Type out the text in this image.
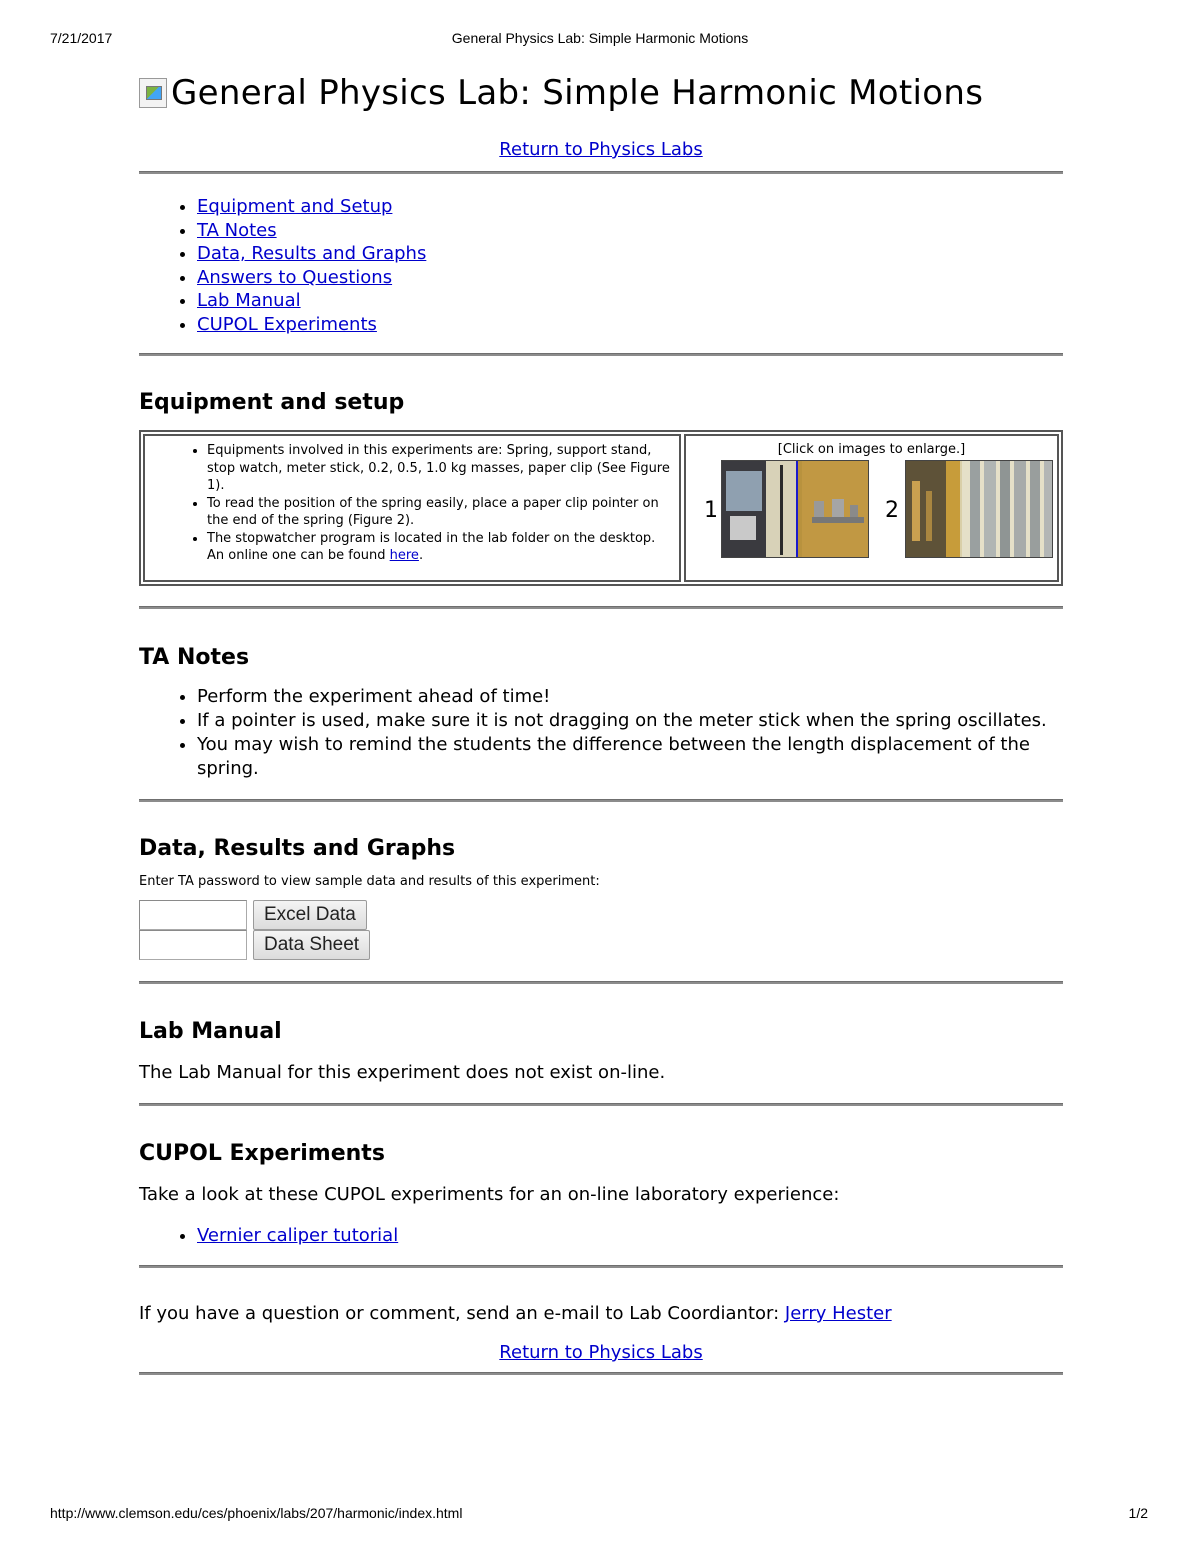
7/21/2017	General Physics Lab: Simple Harmonic Motions
General Physics Lab: Simple Harmonic Motions
Return to Physics Labs
• Equipment and Setup
• TA Notes
• Data, Results and Graphs
• Answers to Questions
• Lab Manual
• CUPOL Experiments
Equipment and setup
• Equipments involved in this experiments are: Spring, support stand, stop watch, meter stick, 0.2, 0.5, 1.0 kg masses, paper clip (See Figure 1).
• To read the position of the spring easily, place a paper clip pointer on the end of the spring (Figure 2).
• The stopwatcher program is located in the lab folder on the desktop. An online one can be found here.
[Click on images to enlarge.]
1	2
TA Notes
• Perform the experiment ahead of time!
• If a pointer is used, make sure it is not dragging on the meter stick when the spring oscillates.
• You may wish to remind the students the difference between the length displacement of the spring.
Data, Results and Graphs

Enter TA password to view sample data and results of this experiment:

Excel Data
Data Sheet
Lab Manual

The Lab Manual for this experiment does not exist on-line.

CUPOL Experiments

Take a look at these CUPOL experiments for an on-line laboratory experience:

• Vernier caliper tutorial

If you have a question or comment, send an e-mail to Lab Coordiantor: Jerry Hester

Return to Physics Labs
http://www.clemson.edu/ces/phoenix/labs/207/harmonic/index.html	1/2
